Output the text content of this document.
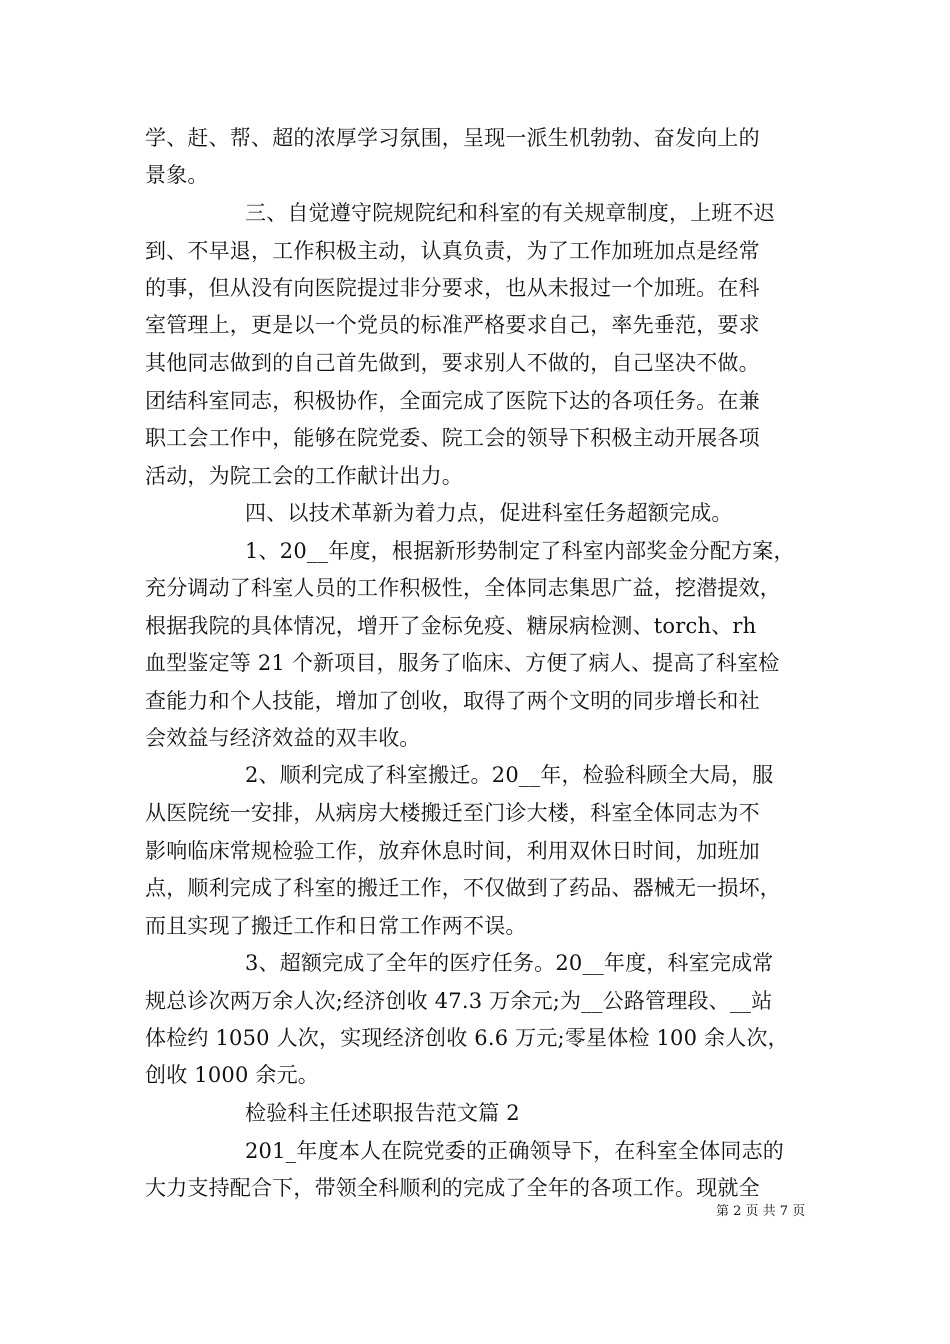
学、赶、帮、超的浓厚学习氛围，呈现一派生机勃勃、奋发向上的
景象。
三、自觉遵守院规院纪和科室的有关规章制度，上班不迟
到、不早退，工作积极主动，认真负责，为了工作加班加点是经常
的事，但从没有向医院提过非分要求，也从未报过一个加班。在科
室管理上，更是以一个党员的标准严格要求自己，率先垂范，要求
其他同志做到的自己首先做到，要求别人不做的，自己坚决不做。
团结科室同志，积极协作，全面完成了医院下达的各项任务。在兼
职工会工作中，能够在院党委、院工会的领导下积极主动开展各项
活动，为院工会的工作献计出力。
四、以技术革新为着力点，促进科室任务超额完成。
1、20__年度，根据新形势制定了科室内部奖金分配方案，
充分调动了科室人员的工作积极性，全体同志集思广益，挖潜提效，
根据我院的具体情况，增开了金标免疫、糖尿病检测、torch、rh
血型鉴定等 21 个新项目，服务了临床、方便了病人、提高了科室检
查能力和个人技能，增加了创收，取得了两个文明的同步增长和社
会效益与经济效益的双丰收。
2、顺利完成了科室搬迁。20__年，检验科顾全大局，服
从医院统一安排，从病房大楼搬迁至门诊大楼，科室全体同志为不
影响临床常规检验工作，放弃休息时间，利用双休日时间，加班加
点，顺利完成了科室的搬迁工作，不仅做到了药品、器械无一损坏，
而且实现了搬迁工作和日常工作两不误。
3、超额完成了全年的医疗任务。20__年度，科室完成常
规总诊次两万余人次;经济创收 47.3 万余元;为__公路管理段、__站
体检约 1050 人次，实现经济创收 6.6 万元;零星体检 100 余人次，
创收 1000 余元。
检验科主任述职报告范文篇 2
201_年度本人在院党委的正确领导下，在科室全体同志的
大力支持配合下，带领全科顺利的完成了全年的各项工作。现就全
第 2 页 共 7 页
